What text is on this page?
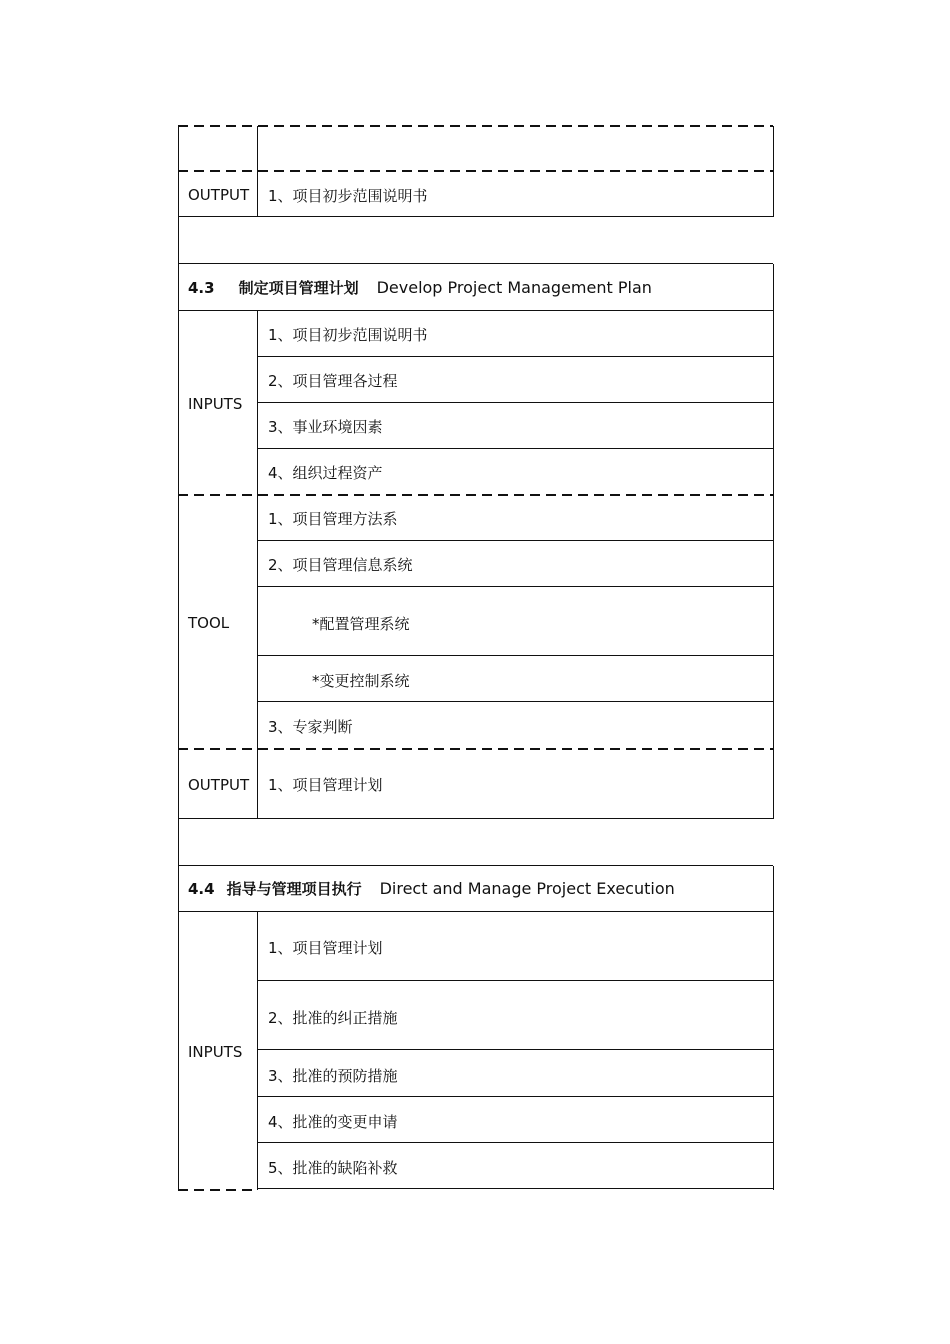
OUTPUT 1、项目初步范围说明书
4.3 制定项目管理计划 Develop Project Management Plan
INPUTS
1、项目初步范围说明书
2、项目管理各过程
3、事业环境因素
4、组织过程资产
TOOL
1、项目管理方法系
2、项目管理信息系统
*配置管理系统
*变更控制系统
3、专家判断
OUTPUT 1、项目管理计划
4.4 指导与管理项目执行 Direct and Manage Project Execution
INPUTS
1、项目管理计划
2、批准的纠正措施
3、批准的预防措施
4、批准的变更申请
5、批准的缺陷补救
